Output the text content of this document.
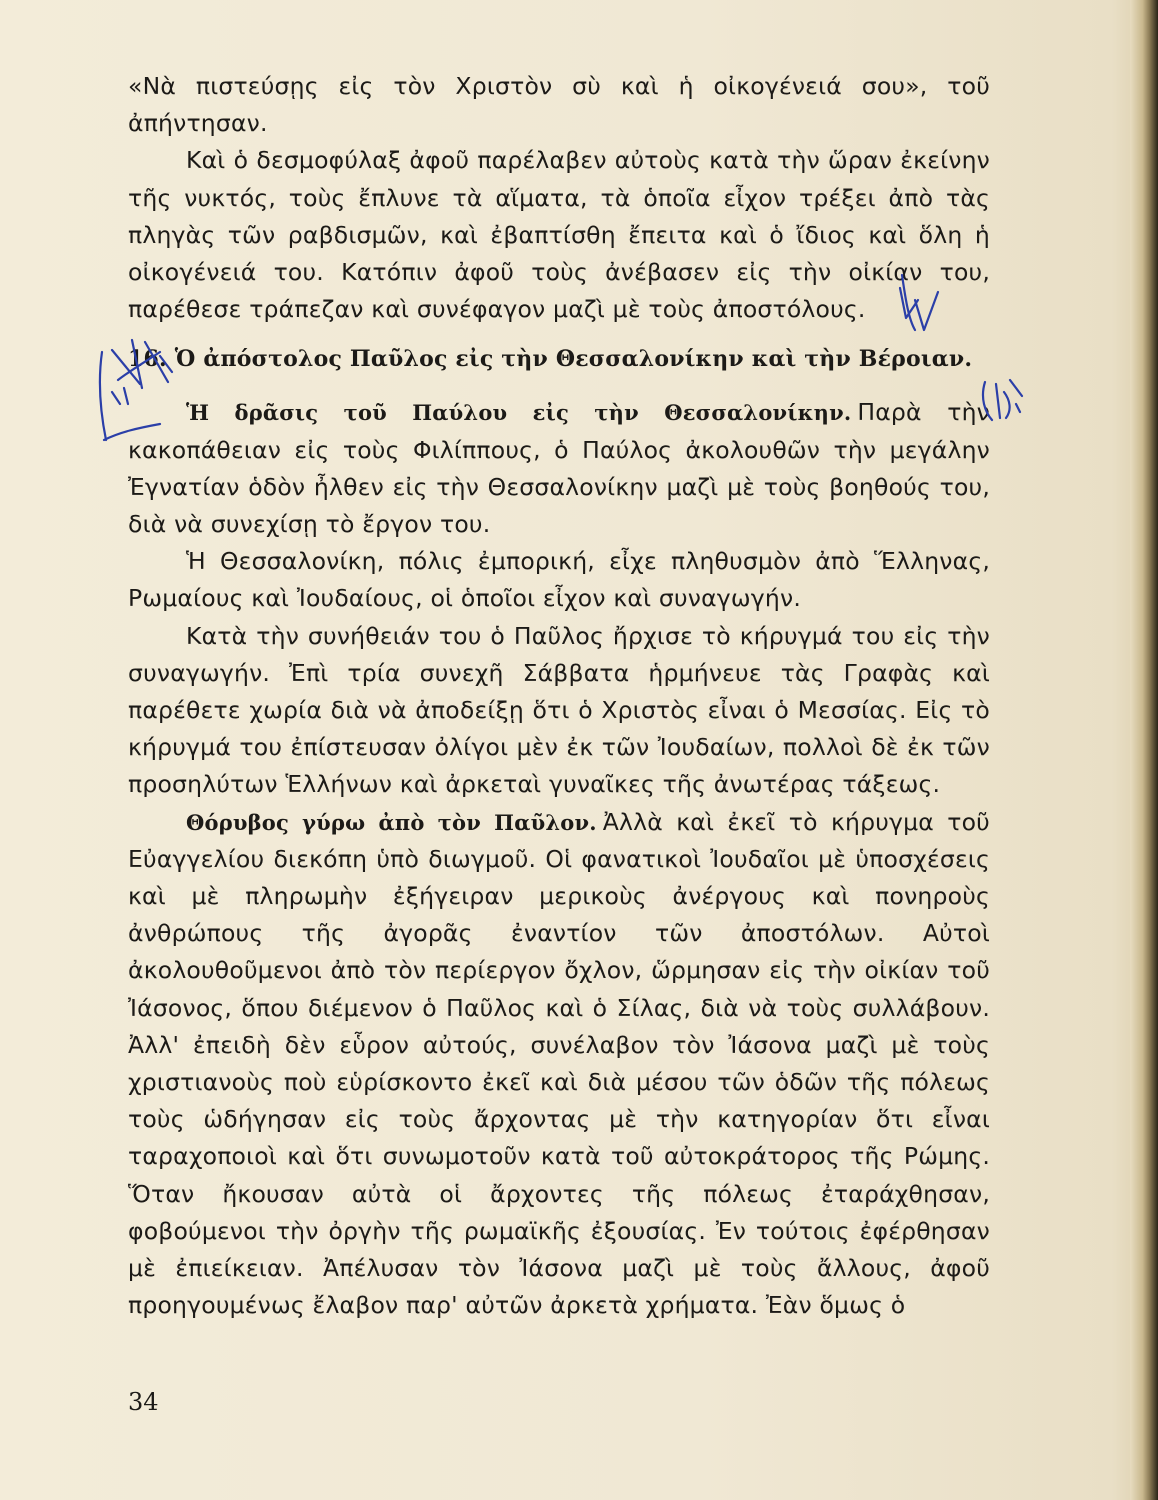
«Νὰ πιστεύσῃς εἰς τὸν Χριστὸν σὺ καὶ ἡ οἰκογένειά σου», τοῦ ἀπήντησαν.

Καὶ ὁ δεσμοφύλαξ ἀφοῦ παρέλαβεν αὐτοὺς κατὰ τὴν ὥραν ἐκείνην τῆς νυκτός, τοὺς ἔπλυνε τὰ αἵματα, τὰ ὁποῖα εἶχον τρέξει ἀπὸ τὰς πληγὰς τῶν ραβδισμῶν, καὶ ἐβαπτίσθη ἔπειτα καὶ ὁ ἴδιος καὶ ὅλη ἡ οἰκογένειά του. Κατόπιν ἀφοῦ τοὺς ἀνέβασεν εἰς τὴν οἰκίαν του, παρέθεσε τράπεζαν καὶ συνέφαγον μαζὶ μὲ τοὺς ἀποστόλους.

16. Ὁ ἀπόστολος Παῦλος εἰς τὴν Θεσσαλονίκην καὶ τὴν Βέροιαν.

Ἡ δρᾶσις τοῦ Παύλου εἰς τὴν Θεσσαλονίκην. Παρὰ τὴν κακοπάθειαν εἰς τοὺς Φιλίππους, ὁ Παύλος ἀκολουθῶν τὴν μεγάλην Ἐγνατίαν ὁδὸν ἦλθεν εἰς τὴν Θεσσαλονίκην μαζὶ μὲ τοὺς βοηθούς του, διὰ νὰ συνεχίσῃ τὸ ἔργον του.

Ἡ Θεσσαλονίκη, πόλις ἐμπορική, εἶχε πληθυσμὸν ἀπὸ Ἕλληνας, Ρωμαίους καὶ Ἰουδαίους, οἱ ὁποῖοι εἶχον καὶ συναγωγήν.

Κατὰ τὴν συνήθειάν του ὁ Παῦλος ἤρχισε τὸ κήρυγμά του εἰς τὴν συναγωγήν. Ἐπὶ τρία συνεχῆ Σάββατα ἡρμήνευε τὰς Γραφὰς καὶ παρέθετε χωρία διὰ νὰ ἀποδείξῃ ὅτι ὁ Χριστὸς εἶναι ὁ Μεσσίας. Εἰς τὸ κήρυγμά του ἐπίστευσαν ὀλίγοι μὲν ἐκ τῶν Ἰουδαίων, πολλοὶ δὲ ἐκ τῶν προσηλύτων Ἑλλήνων καὶ ἀρκεταὶ γυναῖκες τῆς ἀνωτέρας τάξεως.

Θόρυβος γύρω ἀπὸ τὸν Παῦλον. Ἀλλὰ καὶ ἐκεῖ τὸ κήρυγμα τοῦ Εὐαγγελίου διεκόπη ὑπὸ διωγμοῦ. Οἱ φανατικοὶ Ἰουδαῖοι μὲ ὑποσχέσεις καὶ μὲ πληρωμὴν ἐξήγειραν μερικοὺς ἀνέργους καὶ πονηροὺς ἀνθρώπους τῆς ἀγορᾶς ἐναντίον τῶν ἀποστόλων. Αὐτοὶ ἀκολουθοῦμενοι ἀπὸ τὸν περίεργον ὄχλον, ὥρμησαν εἰς τὴν οἰκίαν τοῦ Ἰάσονος, ὅπου διέμενον ὁ Παῦλος καὶ ὁ Σίλας, διὰ νὰ τοὺς συλλάβουν. Ἀλλ' ἐπειδὴ δὲν εὗρον αὐτούς, συνέλαβον τὸν Ἰάσονα μαζὶ μὲ τοὺς χριστιανοὺς ποὺ εὑρίσκοντο ἐκεῖ καὶ διὰ μέσου τῶν ὁδῶν τῆς πόλεως τοὺς ὡδήγησαν εἰς τοὺς ἄρχοντας μὲ τὴν κατηγορίαν ὅτι εἶναι ταραχοποιοὶ καὶ ὅτι συνωμοτοῦν κατὰ τοῦ αὐτοκράτορος τῆς Ρώμης. Ὅταν ἤκουσαν αὐτὰ οἱ ἄρχοντες τῆς πόλεως ἐταράχθησαν, φοβούμενοι τὴν ὀργὴν τῆς ρωμαϊκῆς ἐξουσίας. Ἐν τούτοις ἐφέρθησαν μὲ ἐπιείκειαν. Ἀπέλυσαν τὸν Ἰάσονα μαζὶ μὲ τοὺς ἄλλους, ἀφοῦ προηγουμένως ἔλαβον παρ' αὐτῶν ἀρκετὰ χρήματα. Ἐὰν ὅμως ὁ

34
